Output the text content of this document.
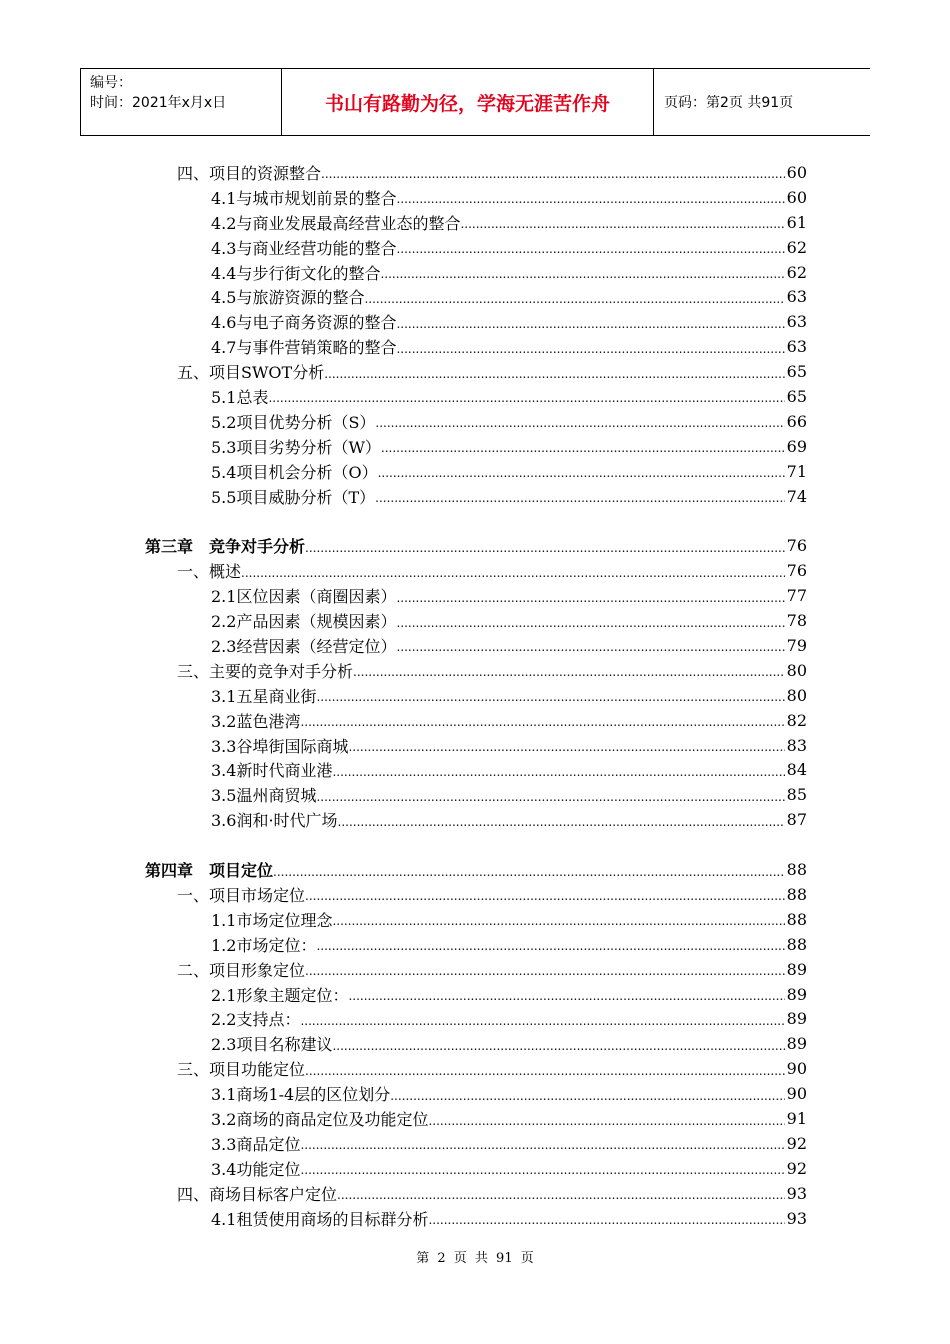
编号：
时间：2021年x月x日	书山有路勤为径，学海无涯苦作舟	页码：第2页 共91页
四、项目的资源整合 .....	60
4.1与城市规划前景的整合 .....	60
4.2与商业发展最高经营业态的整合 .....	61
4.3与商业经营功能的整合 .....	62
4.4与步行街文化的整合 .....	62
4.5与旅游资源的整合 .....	63
4.6与电子商务资源的整合 .....	63
4.7与事件营销策略的整合 .....	63
五、项目SWOT分析 .....	65
5.1总表 .....	65
5.2项目优势分析（S） .....	66
5.3项目劣势分析（W） .....	69
5.4项目机会分析（O） .....	71
5.5项目威胁分析（T） .....	74
第三章　竞争对手分析 .....	76
一、概述 .....	76
2.1区位因素（商圈因素） .....	77
2.2产品因素（规模因素） .....	78
2.3经营因素（经营定位） .....	79
三、主要的竞争对手分析 .....	80
3.1五星商业街 .....	80
3.2蓝色港湾 .....	82
3.3谷埠街国际商城 .....	83
3.4新时代商业港 .....	84
3.5温州商贸城 .....	85
3.6润和·时代广场 .....	87
第四章　项目定位 .....	88
一、项目市场定位 .....	88
1.1市场定位理念 .....	88
1.2市场定位： .....	88
二、项目形象定位 .....	89
2.1形象主题定位： .....	89
2.2支持点： .....	89
2.3项目名称建议 .....	89
三、项目功能定位 .....	90
3.1商场1-4层的区位划分 .....	90
3.2商场的商品定位及功能定位 .....	91
3.3商品定位 .....	92
3.4功能定位 .....	92
四、商场目标客户定位 .....	93
4.1租赁使用商场的目标群分析 .....	93
第 2 页 共 91 页
